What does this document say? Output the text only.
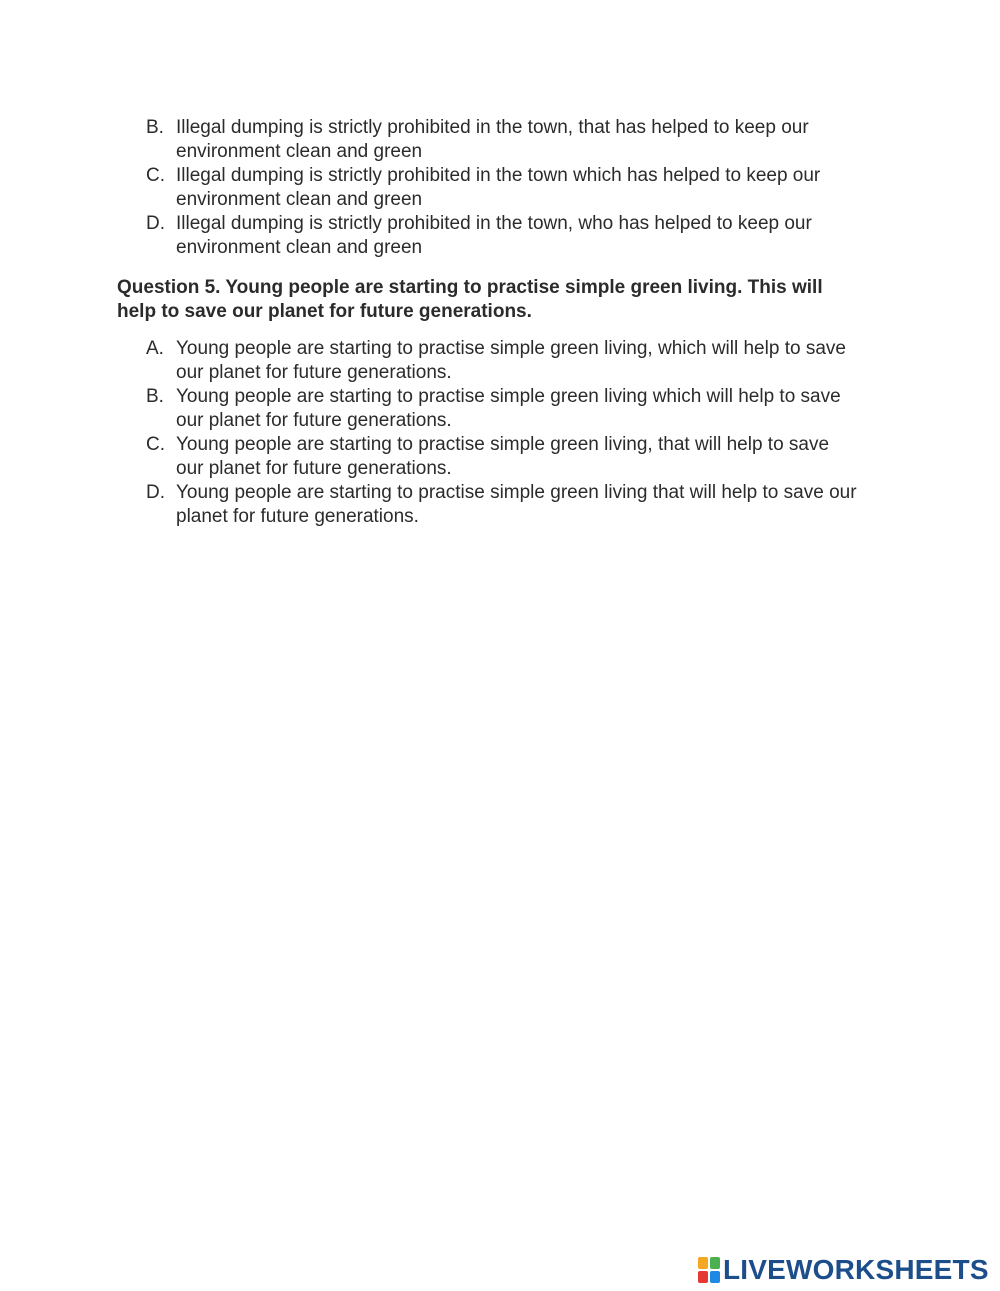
B. Illegal dumping is strictly prohibited in the town, that has helped to keep our
environment clean and green
C. Illegal dumping is strictly prohibited in the town which has helped to keep our
environment clean and green
D. Illegal dumping is strictly prohibited in the town, who has helped to keep our
environment clean and green

Question 5. Young people are starting to practise simple green living. This will
help to save our planet for future generations.

A. Young people are starting to practise simple green living, which will help to save
our planet for future generations.
B. Young people are starting to practise simple green living which will help to save
our planet for future generations.
C. Young people are starting to practise simple green living, that will help to save
our planet for future generations.
D. Young people are starting to practise simple green living that will help to save our
planet for future generations.
LIVEWORKSHEETS
